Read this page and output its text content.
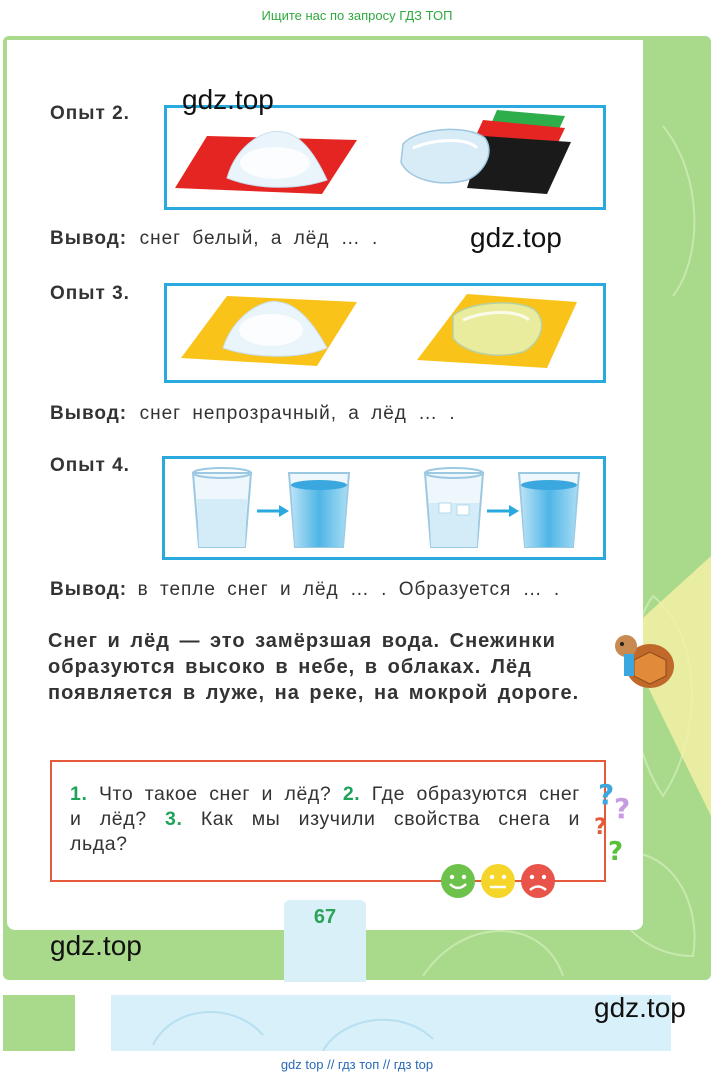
Ищите нас по запросу ГДЗ ТОП
Опыт 2.
Вывод: снег белый, а лёд … .
Опыт 3.
Вывод: снег непрозрачный, а лёд … .
Опыт 4.
Вывод: в тепле снег и лёд … . Образуется … .
Снег и лёд — это замёрзшая вода. Снежинки образуются высоко в небе, в облаках. Лёд появляется в луже, на реке, на мокрой дороге.
1. Что такое снег и лёд? 2. Где образуются снег и лёд? 3. Как мы изучили свойства снега и льда?
? ?
?
?
67
gdz.top
gdz.top
gdz.top
gdz.top
gdz top // гдз топ // гдз top
